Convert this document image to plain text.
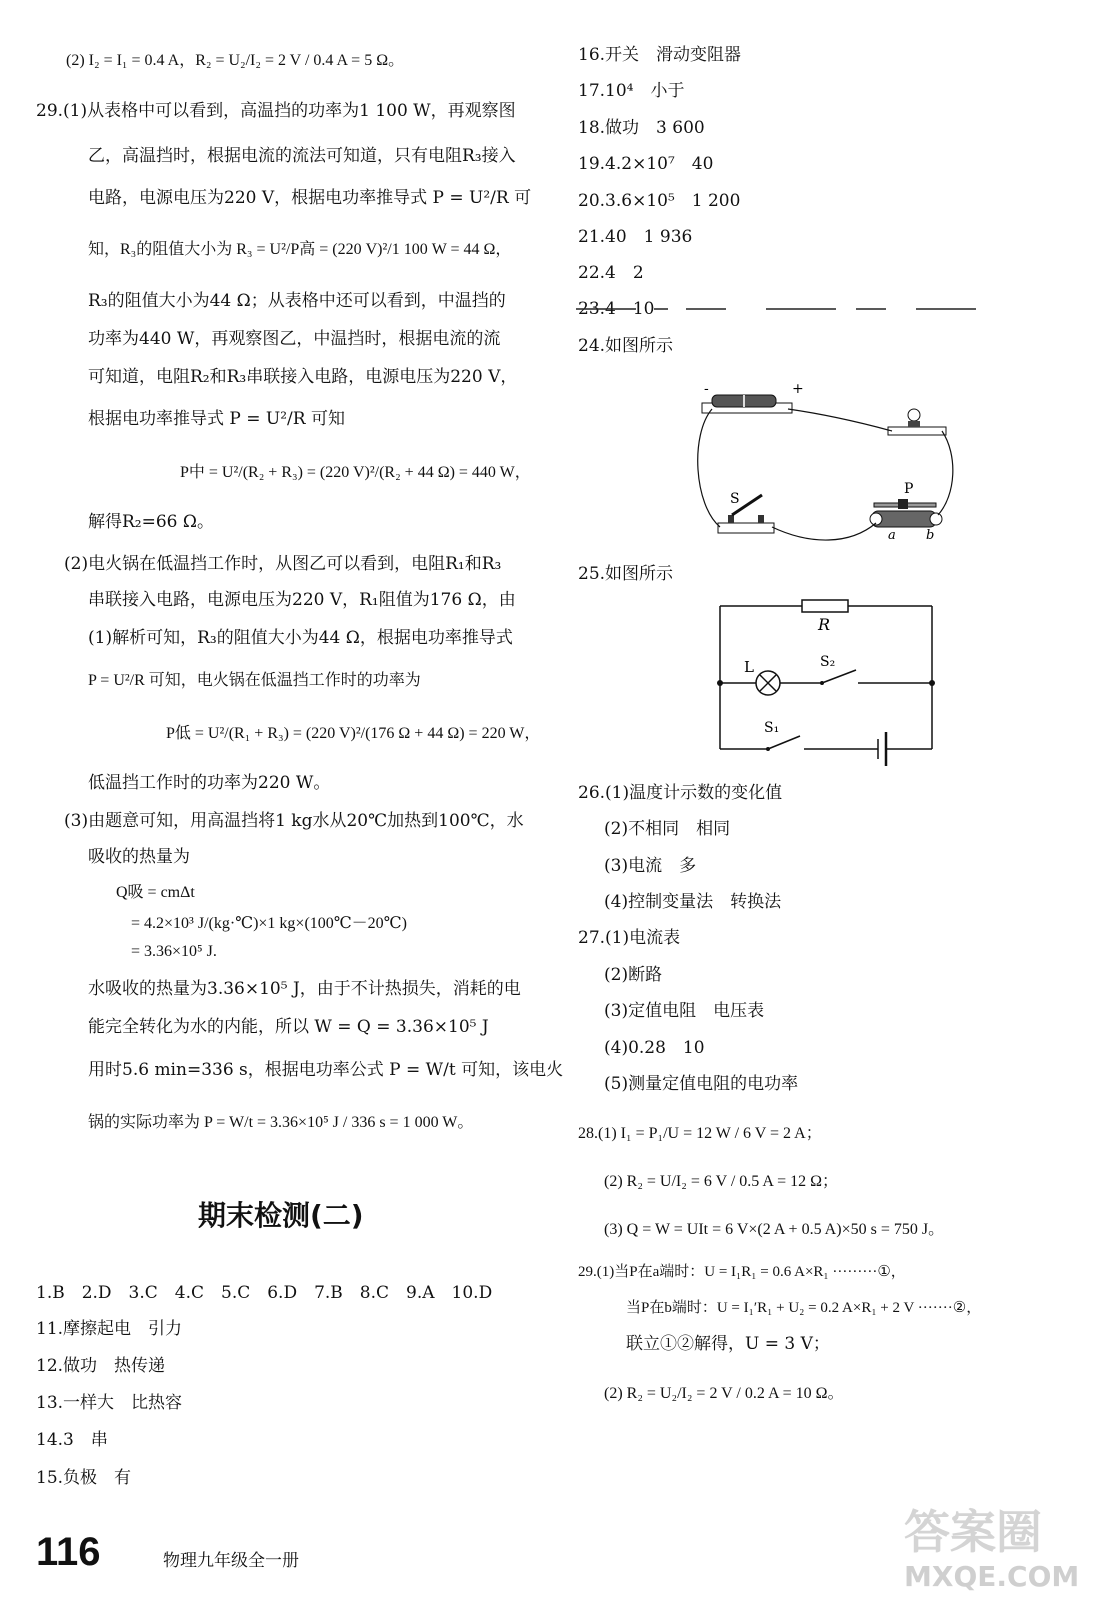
(2) I₂ = I₁ = 0.4 A，R₂ = U₂/I₂ = 2 V / 0.4 A = 5 Ω。
29.(1)从表格中可以看到，高温挡的功率为1 100 W，再观察图
乙，高温挡时，根据电流的流法可知道，只有电阻R₃接入
电路，电源电压为220 V，根据电功率推导式 P = U²/R 可
知，R₃的阻值大小为 R₃ = U²/P高 = (220 V)²/1 100 W = 44 Ω，
R₃的阻值大小为44 Ω；从表格中还可以看到，中温挡的
功率为440 W，再观察图乙，中温挡时，根据电流的流
可知道，电阻R₂和R₃串联接入电路，电源电压为220 V，
根据电功率推导式 P = U²/R 可知
P中 = U²/(R₂ + R₃) = (220 V)²/(R₂ + 44 Ω) = 440 W，
解得R₂=66 Ω。
(2)电火锅在低温挡工作时，从图乙可以看到，电阻R₁和R₃
串联接入电路，电源电压为220 V，R₁阻值为176 Ω，由
(1)解析可知，R₃的阻值大小为44 Ω，根据电功率推导式
P = U²/R 可知，电火锅在低温挡工作时的功率为
P低 = U²/(R₁ + R₃) = (220 V)²/(176 Ω + 44 Ω) = 220 W，
低温挡工作时的功率为220 W。
(3)由题意可知，用高温挡将1 kg水从20℃加热到100℃，水
吸收的热量为
Q吸 = cmΔt
= 4.2×10³ J/(kg·℃)×1 kg×(100℃－20℃)
= 3.36×10⁵ J.
水吸收的热量为3.36×10⁵ J，由于不计热损失，消耗的电
能完全转化为水的内能，所以 W = Q = 3.36×10⁵ J
用时5.6 min=336 s，根据电功率公式 P = W/t 可知，该电火
锅的实际功率为 P = W/t = 3.36×10⁵ J / 336 s = 1 000 W。
期末检测(二)
1.B　2.D　3.C　4.C　5.C　6.D　7.B　8.C　9.A　10.D
11.摩擦起电　引力
12.做功　热传递
13.一样大　比热容
14.3　串
15.负极　有
16.开关　滑动变阻器
17.10⁴　小于
18.做功　3 600
19.4.2×10⁷　40
20.3.6×10⁵　1 200
21.40　1 936
22.4　2
23.4　10
24.如图所示
-	+
S
P
a b
25.如图所示
R
L	S₂
S₁
26.(1)温度计示数的变化值
(2)不相同　相同
(3)电流　多
(4)控制变量法　转换法
27.(1)电流表
(2)断路
(3)定值电阻　电压表
(4)0.28　10
(5)测量定值电阻的电功率
28.(1) I₁ = P₁/U = 12 W / 6 V = 2 A；
(2) R₂ = U/I₂ = 6 V / 0.5 A = 12 Ω；
(3) Q = W = UIt = 6 V×(2 A + 0.5 A)×50 s = 750 J。
29.(1)当P在a端时：U = I₁R₁ = 0.6 A×R₁ ·········①，
当P在b端时：U = I₁′R₁ + U₂ = 0.2 A×R₁ + 2 V ·······②，
联立①②解得，U = 3 V；
(2) R₂ = U₂/I₂ = 2 V / 0.2 A = 10 Ω。
116	物理九年级全一册
答案圈
MXQE.COM
